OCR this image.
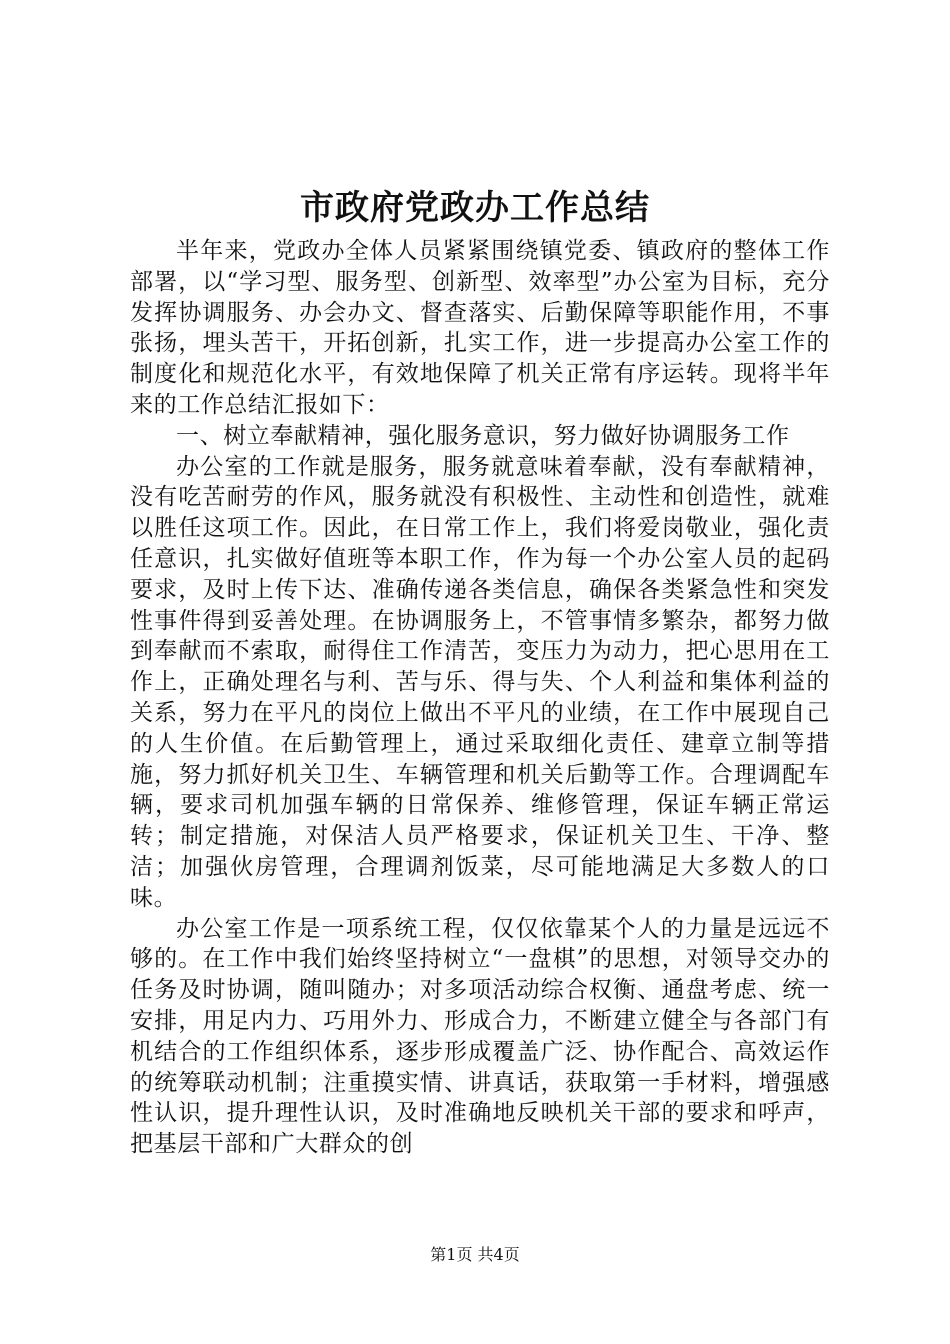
市政府党政办工作总结

半年来，党政办全体人员紧紧围绕镇党委、镇政府的整体工作部署，以“学习型、服务型、创新型、效率型”办公室为目标，充分发挥协调服务、办会办文、督查落实、后勤保障等职能作用，不事张扬，埋头苦干，开拓创新，扎实工作，进一步提高办公室工作的制度化和规范化水平，有效地保障了机关正常有序运转。现将半年来的工作总结汇报如下：

一、树立奉献精神，强化服务意识，努力做好协调服务工作

办公室的工作就是服务，服务就意味着奉献，没有奉献精神，没有吃苦耐劳的作风，服务就没有积极性、主动性和创造性，就难以胜任这项工作。因此，在日常工作上，我们将爱岗敬业，强化责任意识，扎实做好值班等本职工作，作为每一个办公室人员的起码要求，及时上传下达、准确传递各类信息，确保各类紧急性和突发性事件得到妥善处理。在协调服务上，不管事情多繁杂，都努力做到奉献而不索取，耐得住工作清苦，变压力为动力，把心思用在工作上，正确处理名与利、苦与乐、得与失、个人利益和集体利益的关系，努力在平凡的岗位上做出不平凡的业绩，在工作中展现自己的人生价值。在后勤管理上，通过采取细化责任、建章立制等措施，努力抓好机关卫生、车辆管理和机关后勤等工作。合理调配车辆，要求司机加强车辆的日常保养、维修管理，保证车辆正常运转；制定措施，对保洁人员严格要求，保证机关卫生、干净、整洁；加强伙房管理，合理调剂饭菜，尽可能地满足大多数人的口味。

办公室工作是一项系统工程，仅仅依靠某个人的力量是远远不够的。在工作中我们始终坚持树立“一盘棋”的思想，对领导交办的任务及时协调，随叫随办；对多项活动综合权衡、通盘考虑、统一安排，用足内力、巧用外力、形成合力，不断建立健全与各部门有机结合的工作组织体系，逐步形成覆盖广泛、协作配合、高效运作的统筹联动机制；注重摸实情、讲真话，获取第一手材料，增强感性认识，提升理性认识，及时准确地反映机关干部的要求和呼声，把基层干部和广大群众的创

第1页 共4页
